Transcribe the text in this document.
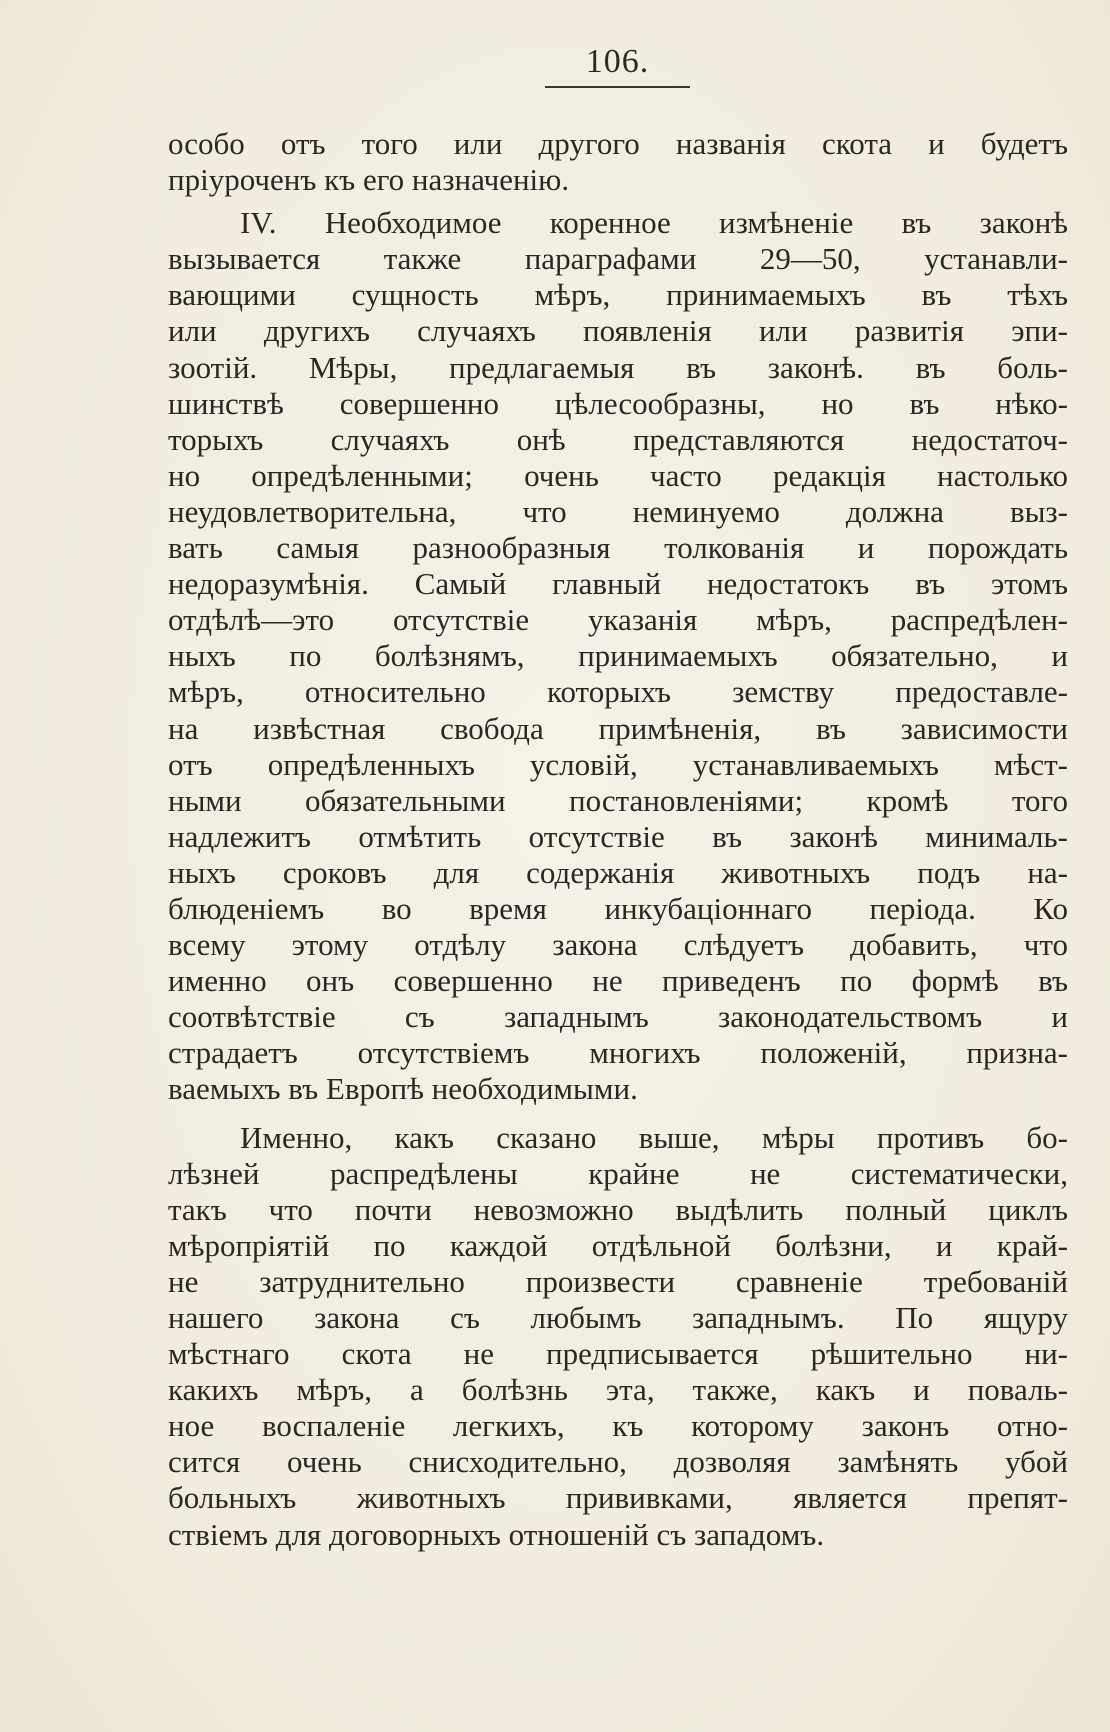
106.
особо отъ того или другого названія скота и будетъ
пріуроченъ къ его назначенію.
IV. Необходимое коренное измѣненіе въ законѣ
вызывается также параграфами 29—50, устанавли-
вающими сущность мѣръ, принимаемыхъ въ тѣхъ
или другихъ случаяхъ появленія или развитія эпи-
зоотій. Мѣры, предлагаемыя въ законѣ. въ боль-
шинствѣ совершенно цѣлесообразны, но въ нѣко-
торыхъ случаяхъ онѣ представляются недостаточ-
но опредѣленными; очень часто редакція настолько
неудовлетворительна, что неминуемо должна выз-
вать самыя разнообразныя толкованія и порождать
недоразумѣнія. Самый главный недостатокъ въ этомъ
отдѣлѣ—это отсутствіе указанія мѣръ, распредѣлен-
ныхъ по болѣзнямъ, принимаемыхъ обязательно, и
мѣръ, относительно которыхъ земству предоставле-
на извѣстная свобода примѣненія, въ зависимости
отъ опредѣленныхъ условій, устанавливаемыхъ мѣст-
ными обязательными постановленіями; кромѣ того
надлежитъ отмѣтить отсутствіе въ законѣ минималь-
ныхъ сроковъ для содержанія животныхъ подъ на-
блюденіемъ во время инкубаціоннаго періода. Ко
всему этому отдѣлу закона слѣдуетъ добавить, что
именно онъ совершенно не приведенъ по формѣ въ
соотвѣтствіе съ западнымъ законодательствомъ и
страдаетъ отсутствіемъ многихъ положеній, призна-
ваемыхъ въ Европѣ необходимыми.
Именно, какъ сказано выше, мѣры противъ бо-
лѣзней распредѣлены крайне не систематически,
такъ что почти невозможно выдѣлить полный циклъ
мѣропріятій по каждой отдѣльной болѣзни, и край-
не затруднительно произвести сравненіе требованій
нашего закона съ любымъ западнымъ. По ящуру
мѣстнаго скота не предписывается рѣшительно ни-
какихъ мѣръ, а болѣзнь эта, также, какъ и поваль-
ное воспаленіе легкихъ, къ которому законъ отно-
сится очень снисходительно, дозволяя замѣнять убой
больныхъ животныхъ прививками, является препят-
ствіемъ для договорныхъ отношеній съ западомъ.
